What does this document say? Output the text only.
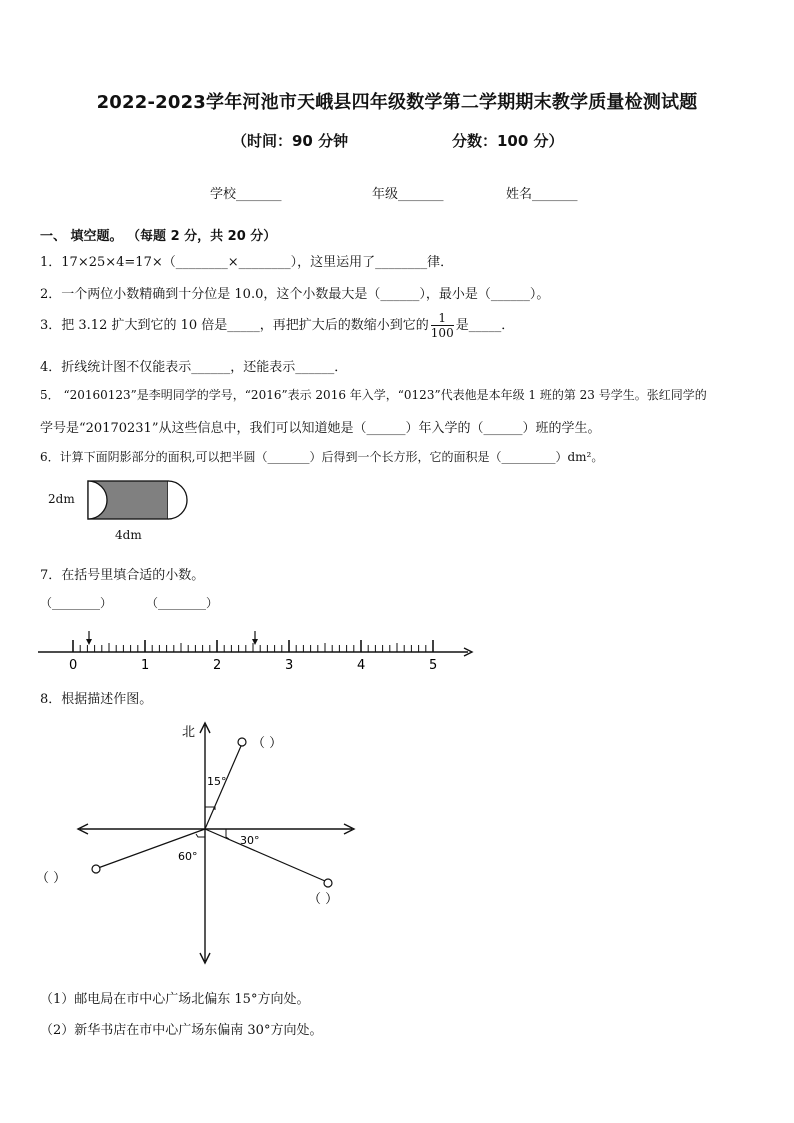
2022-2023学年河池市天峨县四年级数学第二学期期末教学质量检测试题
（时间：90 分钟	分数：100 分）
学校_______	年级_______	姓名_______
一、 填空题。 （每题 2 分，共 20 分）
1．17×25×4=17×（________×________），这里运用了________律．
2．一个两位小数精确到十分位是 10.0，这个小数最大是（______），最小是（______）。
3．把 3.12 扩大到它的 10 倍是_____，再把扩大后的数缩小到它的 $\frac{1}{100}$ 是_____．
4．折线统计图不仅能表示______，还能表示______．
5． “20160123”是李明同学的学号，“2016”表示 2016 年入学，“0123”代表他是本年级 1 班的第 23 号学生。张红同学的
学号是“20170231”从这些信息中，我们可以知道她是（______）年入学的（______）班的学生。
6．计算下面阴影部分的面积,可以把半圆（_______）后得到一个长方形，它的面积是（_________）dm²。
2dm
4dm
7．在括号里填合适的小数。
（________）	（________）
0	1	2	3	4	5
8．根据描述作图。
北
（ ）
15°
（ ）
30°
（ ）
60°
（1）邮电局在市中心广场北偏东 15°方向处。
（2）新华书店在市中心广场东偏南 30°方向处。
